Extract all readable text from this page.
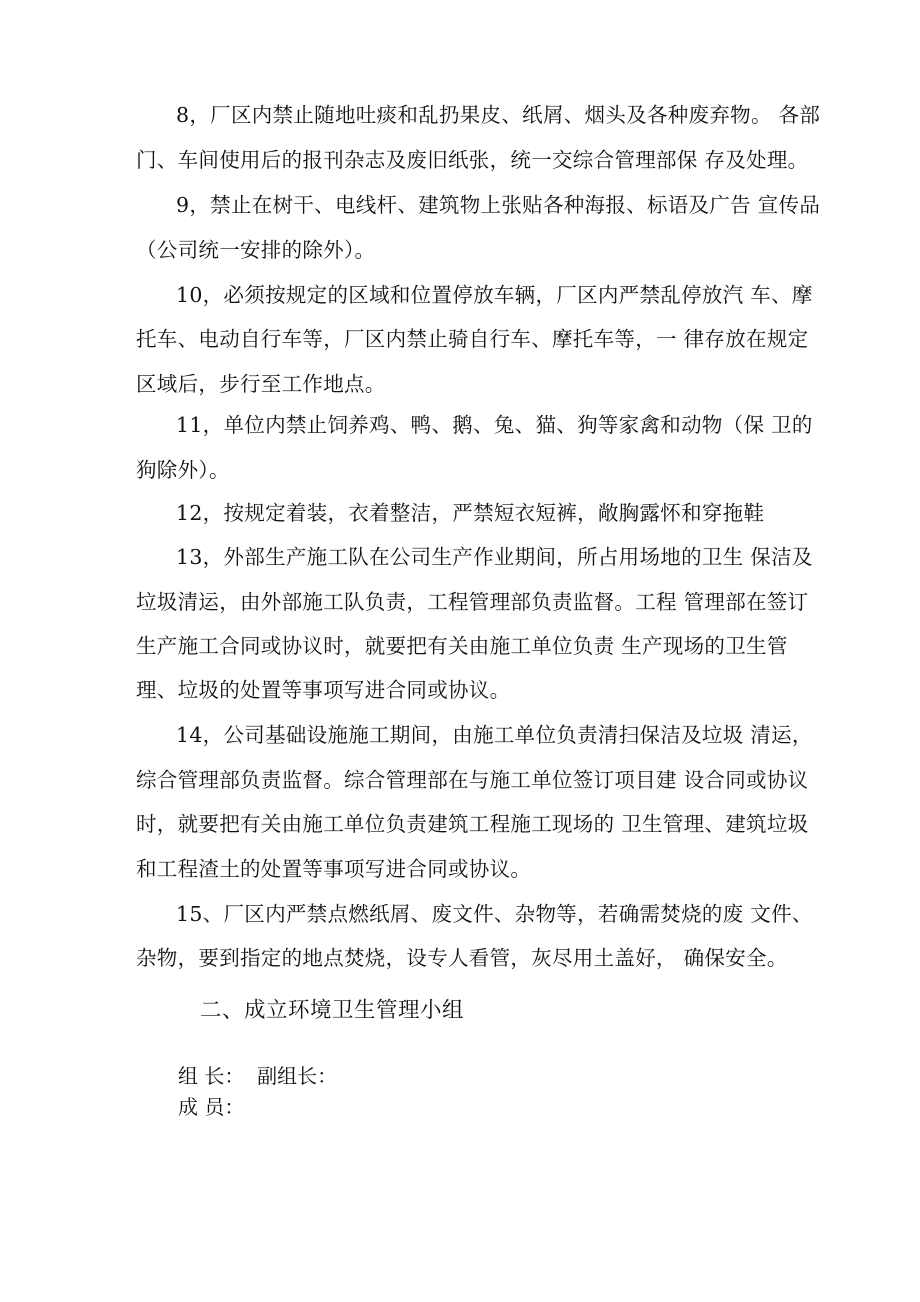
8，厂区内禁止随地吐痰和乱扔果皮、纸屑、烟头及各种废弃物。 各部
门、车间使用后的报刊杂志及废旧纸张，统一交综合管理部保 存及处理。
9，禁止在树干、电线杆、建筑物上张贴各种海报、标语及广告 宣传品
（公司统一安排的除外）。
10，必须按规定的区域和位置停放车辆，厂区内严禁乱停放汽 车、摩
托车、电动自行车等，厂区内禁止骑自行车、摩托车等，一 律存放在规定
区域后，步行至工作地点。
11，单位内禁止饲养鸡、鸭、鹅、兔、猫、狗等家禽和动物（保 卫的
狗除外）。
12，按规定着装，衣着整洁，严禁短衣短裤，敞胸露怀和穿拖鞋
13，外部生产施工队在公司生产作业期间，所占用场地的卫生 保洁及
垃圾清运，由外部施工队负责，工程管理部负责监督。工程 管理部在签订
生产施工合同或协议时，就要把有关由施工单位负责 生产现场的卫生管
理、垃圾的处置等事项写进合同或协议。
14，公司基础设施施工期间，由施工单位负责清扫保洁及垃圾 清运，
综合管理部负责监督。综合管理部在与施工单位签订项目建 设合同或协议
时，就要把有关由施工单位负责建筑工程施工现场的 卫生管理、建筑垃圾
和工程渣土的处置等事项写进合同或协议。
15、厂区内严禁点燃纸屑、废文件、杂物等，若确需焚烧的废 文件、
杂物，要到指定的地点焚烧，设专人看管，灰尽用土盖好， 确保安全。
二、成立环境卫生管理小组
组 长：  副组长：
成 员：
